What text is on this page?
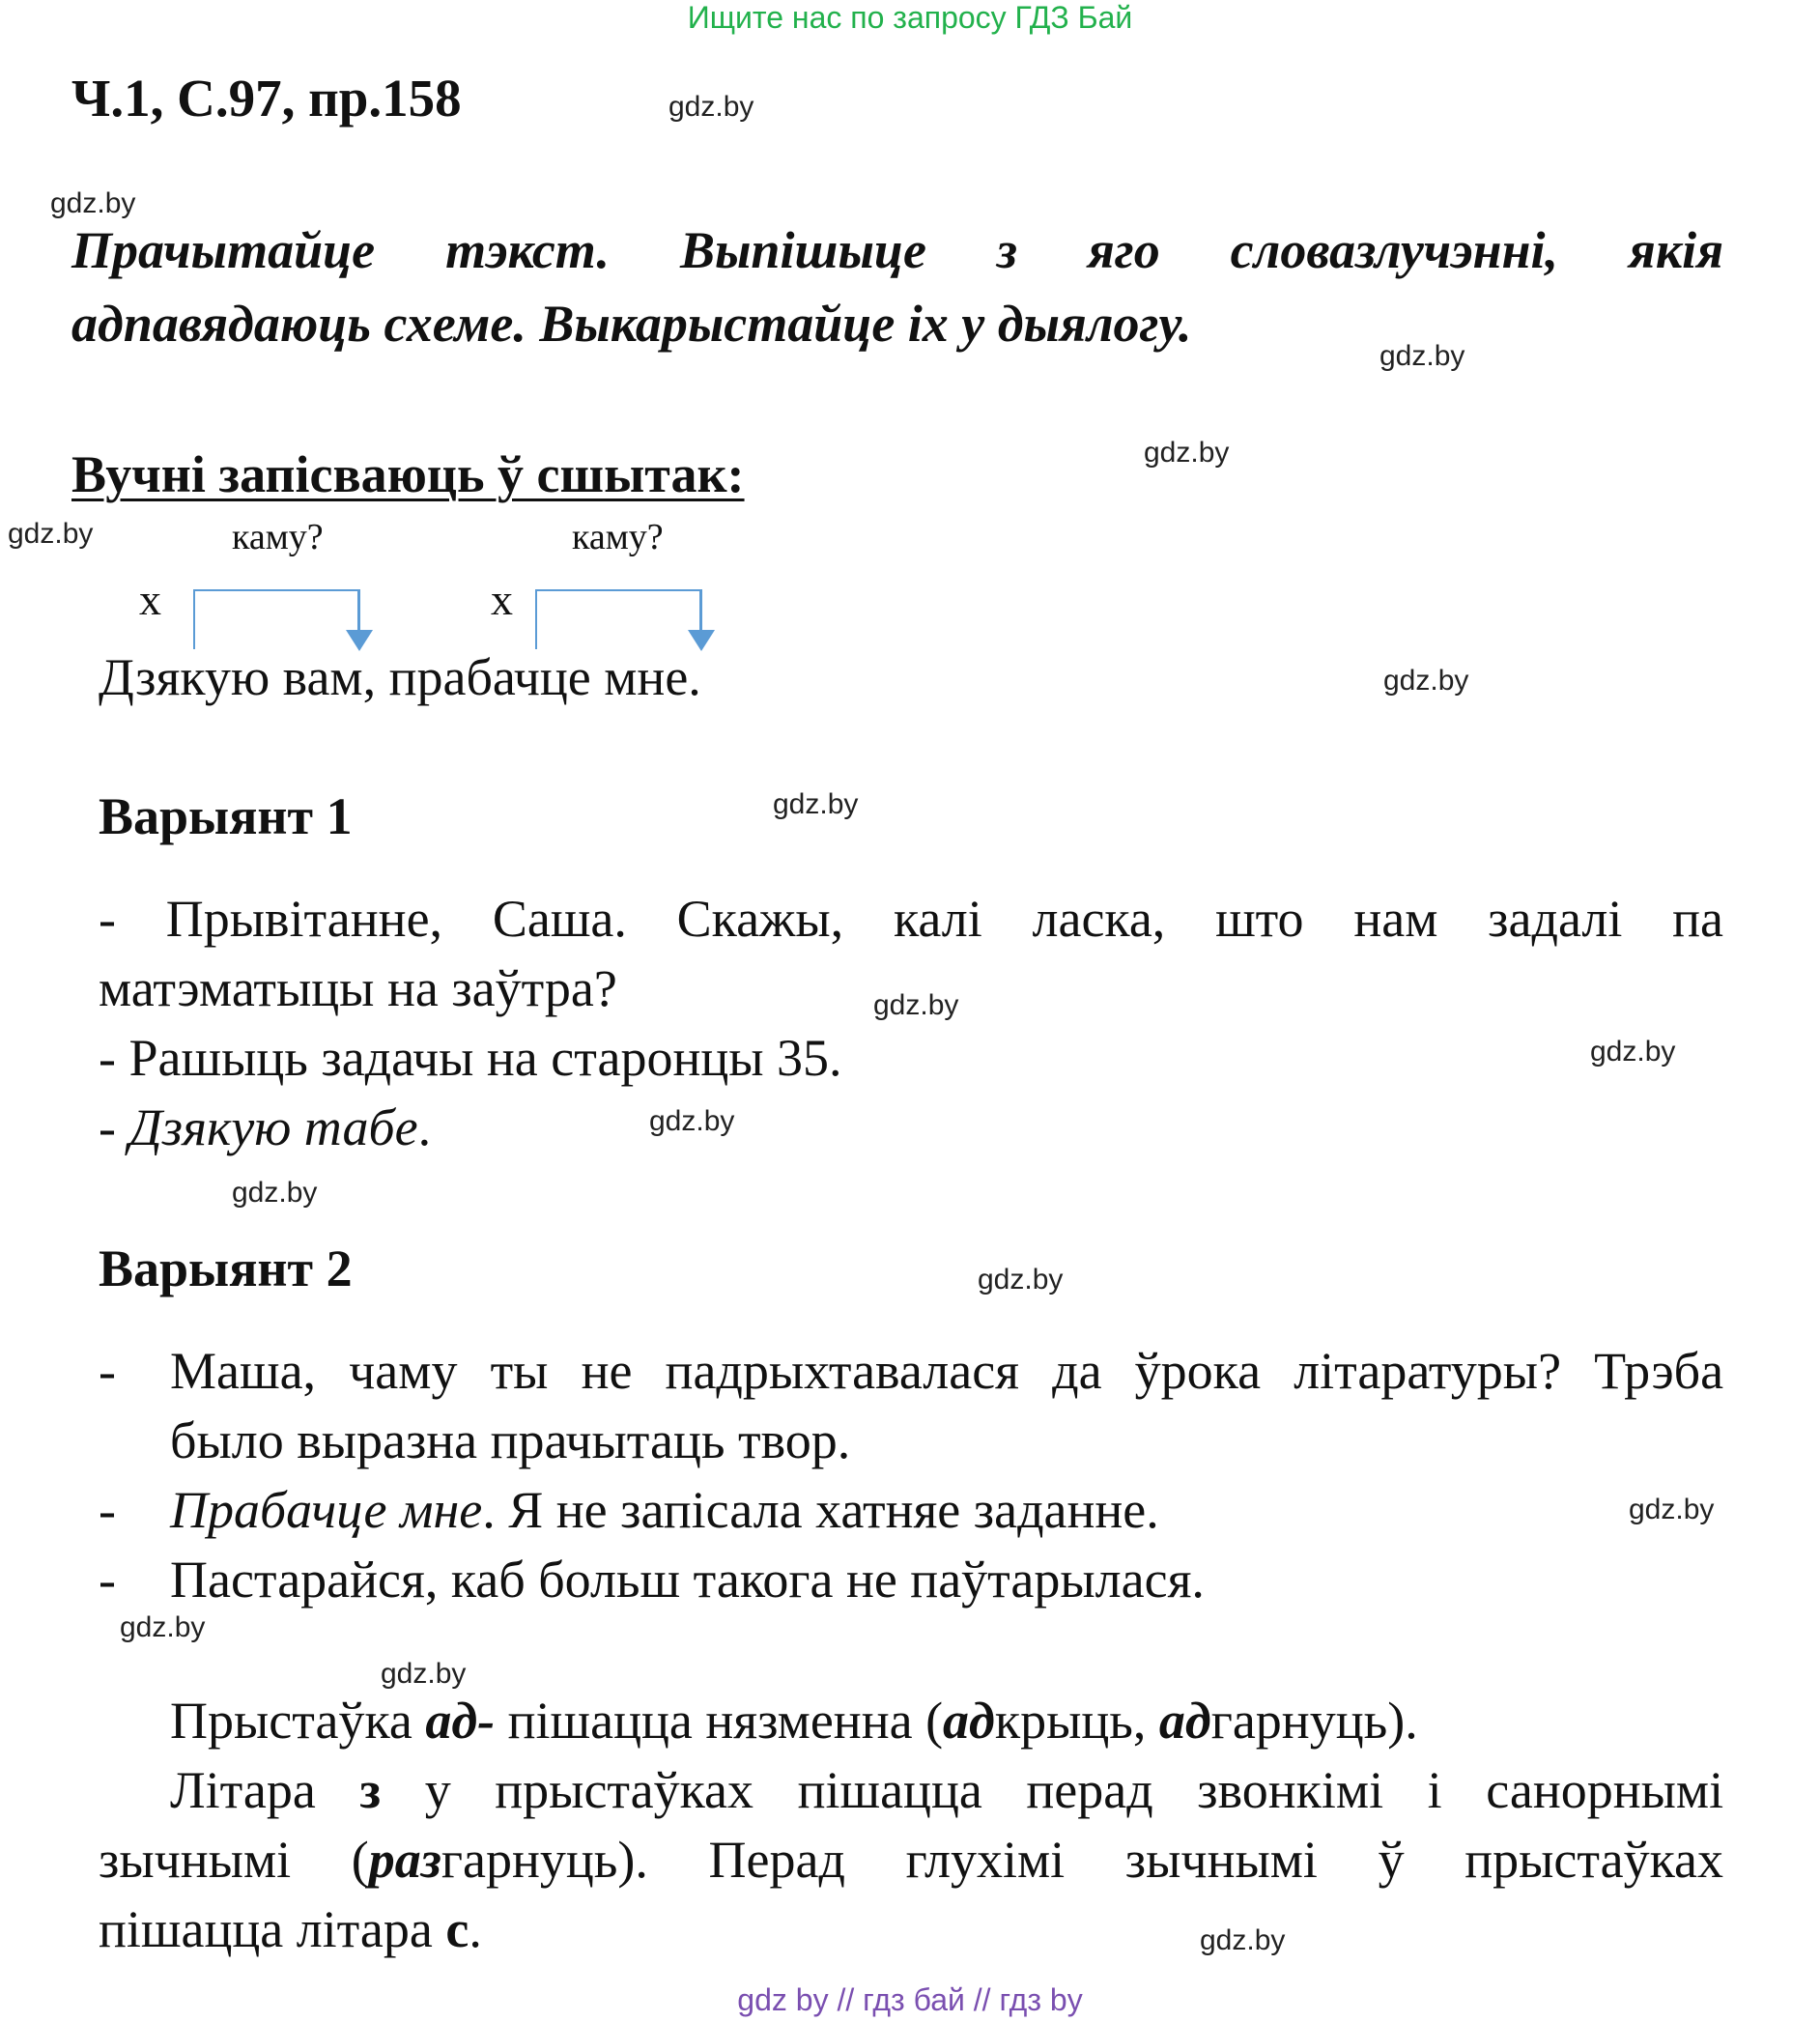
Ищите нас по запросу ГДЗ Бай
Ч.1, С.97, пр.158
Прачытайце тэкст. Выпішыце з яго словазлучэнні, якія
адпавядаюць схеме. Выкарыстайце іх у дыялогу.
Вучні запісваюць ў сшытак:
каму?	каму?
х	х
Дзякую вам, прабачце мне.
Варыянт 1
- Прывітанне, Саша. Скажы, калі ласка, што нам задалі па
матэматыцы на заўтра?
- Рашыць задачы на старонцы 35.
- Дзякую табе.
Варыянт 2
- Маша, чаму ты не падрыхтавалася да ўрока літаратуры? Трэба
было выразна прачытаць твор.
- Прабачце мне. Я не запісала хатняе заданне.
- Пастарайся, каб больш такога не паўтарылася.
Прыстаўка ад- пішацца нязменна (адкрыць, адгарнуць).
Літара з у прыстаўках пішацца перад звонкімі і санорнымі
зычнымі (разгарнуць). Перад глухімі зычнымі ў прыстаўках
пішацца літара с.
gdz.by
gdz.by
gdz.by
gdz.by
gdz.by
gdz.by
gdz.by
gdz.by
gdz.by
gdz.by
gdz.by
gdz.by
gdz.by
gdz.by
gdz.by
gdz.by
gdz by // гдз бай // гдз by
